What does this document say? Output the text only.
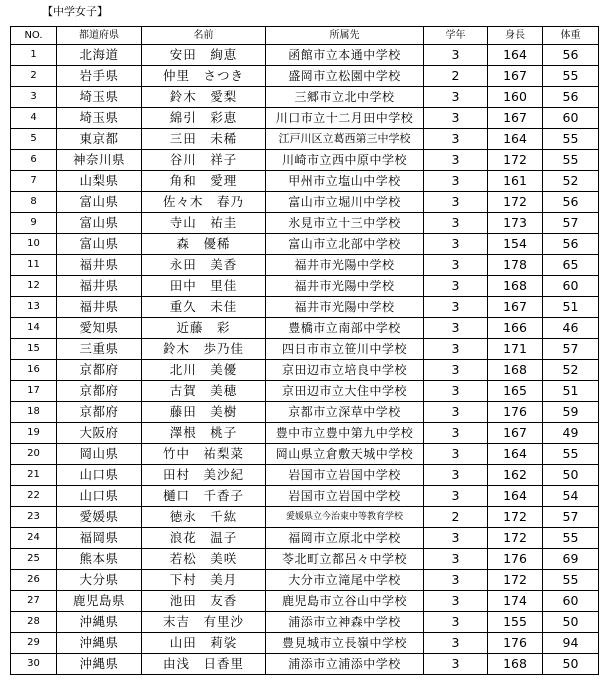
【中学女子】
NO.	都道府県	名前	所属先	学年	身長	体重
1	北海道	安田　絢恵	函館市立本通中学校	3	164	56
2	岩手県	仲里　さつき	盛岡市立松園中学校	2	167	55
3	埼玉県	鈴木　愛梨	三郷市立北中学校	3	160	56
4	埼玉県	綿引　彩恵	川口市立十二月田中学校	3	167	60
5	東京都	三田　未稀	江戸川区立葛西第三中学校	3	164	55
6	神奈川県	谷川　祥子	川崎市立西中原中学校	3	172	55
7	山梨県	角和　愛理	甲州市立塩山中学校	3	161	52
8	富山県	佐々木　春乃	富山市立堀川中学校	3	172	56
9	富山県	寺山　祐圭	氷見市立十三中学校	3	173	57
10	富山県	森　優稀	富山市立北部中学校	3	154	56
11	福井県	永田　美香	福井市光陽中学校	3	178	65
12	福井県	田中　里佳	福井市光陽中学校	3	168	60
13	福井県	重久　未佳	福井市光陽中学校	3	167	51
14	愛知県	近藤　彩	豊橋市立南部中学校	3	166	46
15	三重県	鈴木　歩乃佳	四日市市立笹川中学校	3	171	57
16	京都府	北川　美優	京田辺市立培良中学校	3	168	52
17	京都府	古賀　美穂	京田辺市立大住中学校	3	165	51
18	京都府	藤田　美樹	京都市立深草中学校	3	176	59
19	大阪府	澤根　桃子	豊中市立豊中第九中学校	3	167	49
20	岡山県	竹中　祐梨菜	岡山県立倉敷天城中学校	3	164	55
21	山口県	田村　美沙紀	岩国市立岩国中学校	3	162	50
22	山口県	樋口　千香子	岩国市立岩国中学校	3	164	54
23	愛媛県	徳永　千紘	愛媛県立今治東中等教育学校	2	172	57
24	福岡県	浪花　温子	福岡市立原北中学校	3	172	55
25	熊本県	若松　美咲	苓北町立都呂々中学校	3	176	69
26	大分県	下村　美月	大分市立滝尾中学校	3	172	55
27	鹿児島県	池田　友香	鹿児島市立谷山中学校	3	174	60
28	沖縄県	末吉　有里沙	浦添市立神森中学校	3	155	50
29	沖縄県	山田　莉裟	豊見城市立長嶺中学校	3	176	94
30	沖縄県	由浅　日香里	浦添市立浦添中学校	3	168	50
